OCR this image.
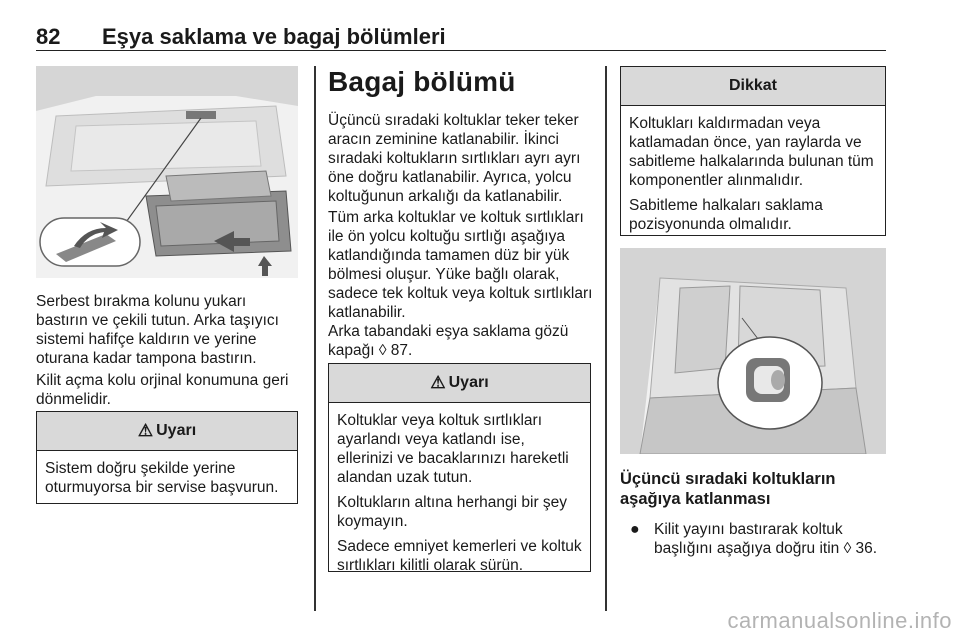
82 Eşya saklama ve bagaj bölümleri

Serbest bırakma kolunu yukarı bastırın ve çekili tutun. Arka taşıyıcı sistemi hafifçe kaldırın ve yerine oturana kadar tampona bastırın.

Kilit açma kolu orjinal konumuna geri dönmelidir.

⚠ Uyarı

Sistem doğru şekilde yerine oturmuyorsa bir servise başvurun.

Bagaj bölümü

Üçüncü sıradaki koltuklar teker teker aracın zeminine katlanabilir. İkinci sıradaki koltukların sırtlıkları ayrı ayrı öne doğru katlanabilir. Ayrıca, yolcu koltuğunun arkalığı da katlanabilir.

Tüm arka koltuklar ve koltuk sırtlıkları ile ön yolcu koltuğu sırtlığı aşağıya katlandığında tamamen düz bir yük bölmesi oluşur. Yüke bağlı olarak, sadece tek koltuk veya koltuk sırtlıkları katlanabilir.

Arka tabandaki eşya saklama gözü kapağı ◊ 87.

⚠ Uyarı

Koltuklar veya koltuk sırtlıkları ayarlandı veya katlandı ise, ellerinizi ve bacaklarınızı hareketli alandan uzak tutun.

Koltukların altına herhangi bir şey koymayın.

Sadece emniyet kemerleri ve koltuk sırtlıkları kilitli olarak sürün.

Dikkat

Koltukları kaldırmadan veya katlamadan önce, yan raylarda ve sabitleme halkalarında bulunan tüm komponentler alınmalıdır.

Sabitleme halkaları saklama pozisyonunda olmalıdır.

Üçüncü sıradaki koltukların aşağıya katlanması
● Kilit yayını bastırarak koltuk başlığını aşağıya doğru itin ◊ 36.
carmanualsonline.info
